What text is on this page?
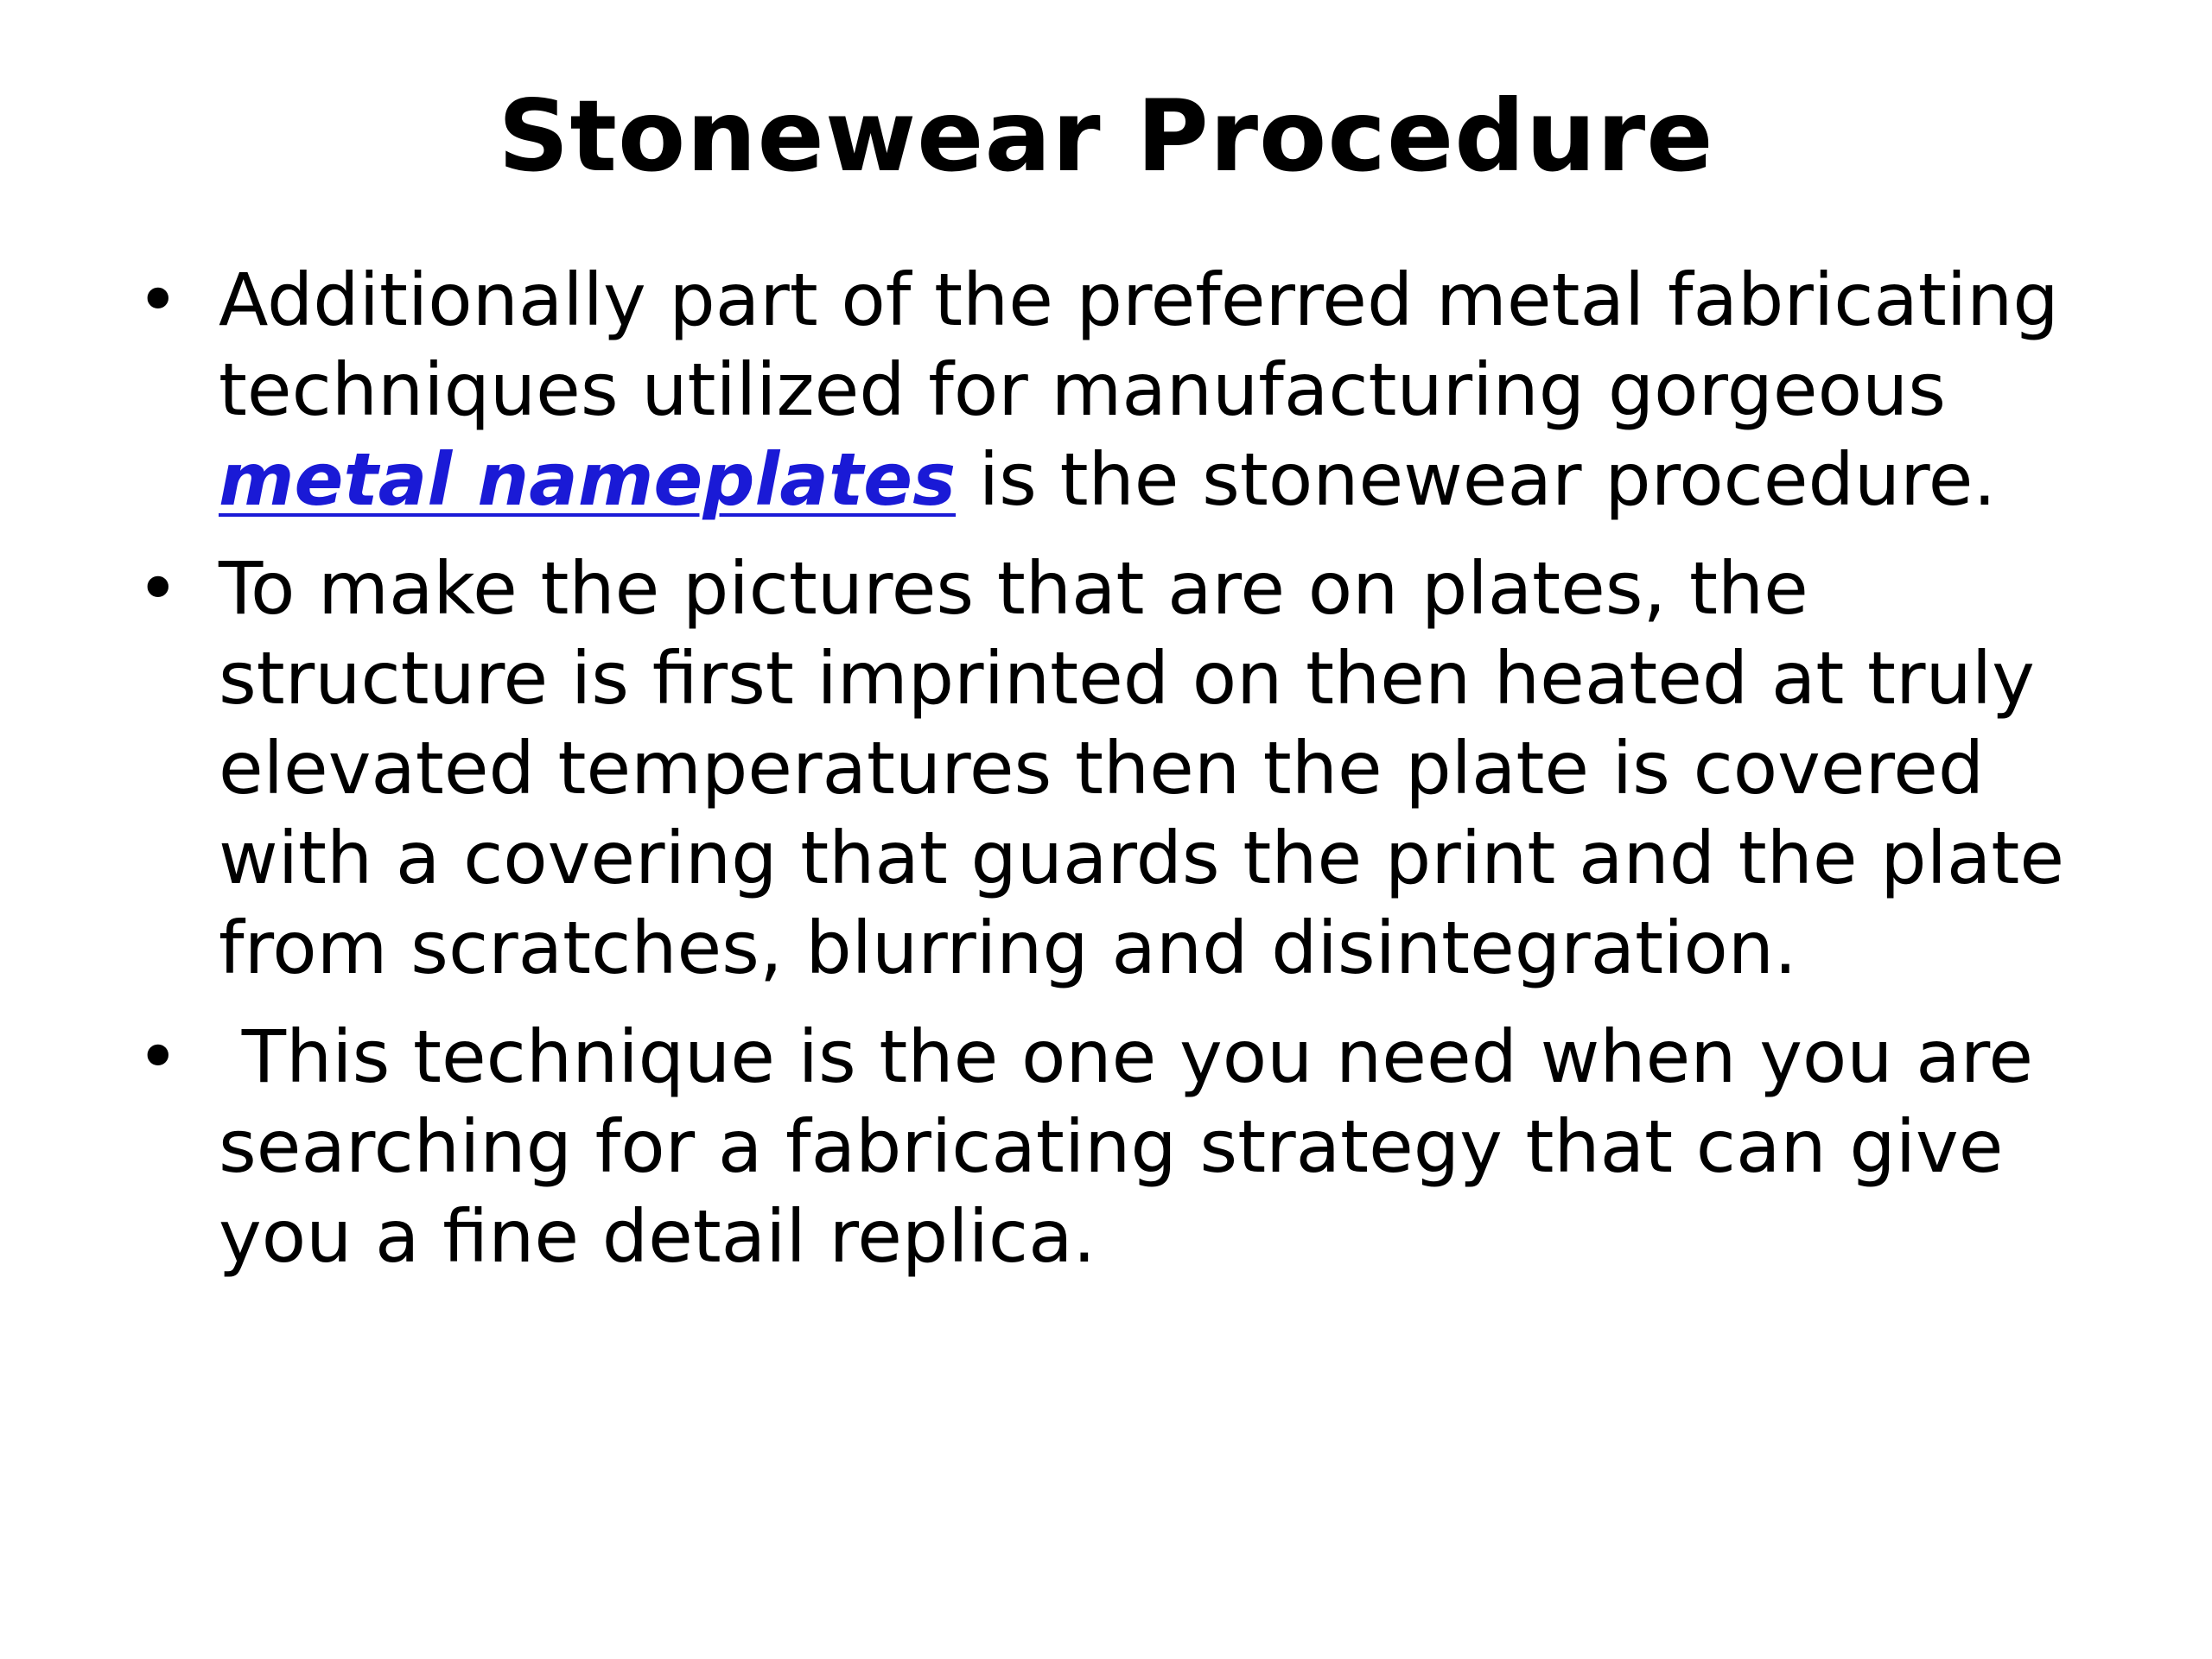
Stonewear Procedure
• Additionally part of the preferred metal fabricating techniques utilized for manufacturing gorgeous metal nameplates is the stonewear procedure.
• To make the pictures that are on plates, the structure is first imprinted on then heated at truly elevated temperatures then the plate is covered with a covering that guards the print and the plate from scratches, blurring and disintegration.
• This technique is the one you need when you are searching for a fabricating strategy that can give you a fine detail replica.
